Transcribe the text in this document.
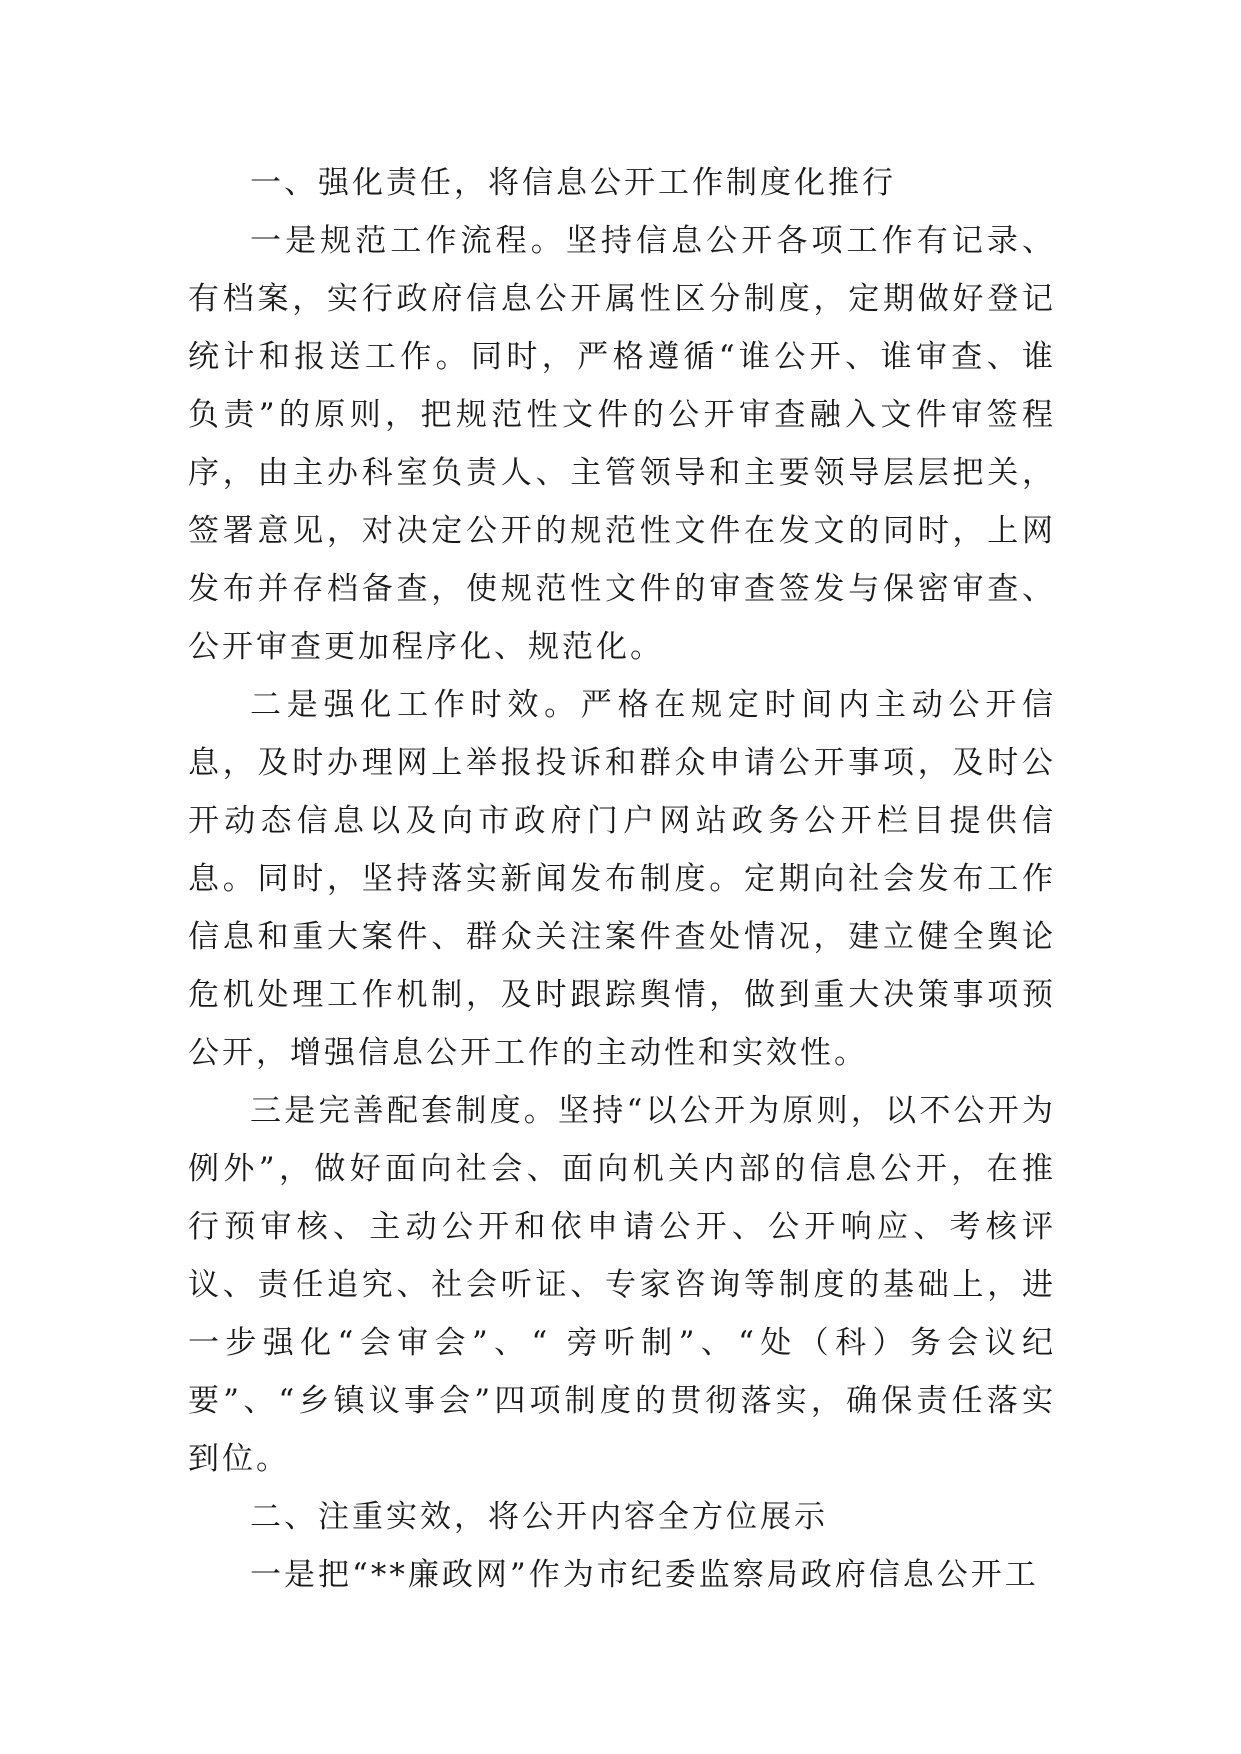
一、强化责任，将信息公开工作制度化推行

一是规范工作流程。坚持信息公开各项工作有记录、有档案，实行政府信息公开属性区分制度，定期做好登记统计和报送工作。同时，严格遵循“谁公开、谁审查、谁负责”的原则，把规范性文件的公开审查融入文件审签程序，由主办科室负责人、主管领导和主要领导层层把关，签署意见，对决定公开的规范性文件在发文的同时，上网发布并存档备查，使规范性文件的审查签发与保密审查、公开审查更加程序化、规范化。

二是强化工作时效。严格在规定时间内主动公开信息，及时办理网上举报投诉和群众申请公开事项，及时公开动态信息以及向市政府门户网站政务公开栏目提供信息。同时，坚持落实新闻发布制度。定期向社会发布工作信息和重大案件、群众关注案件查处情况，建立健全舆论危机处理工作机制，及时跟踪舆情，做到重大决策事项预公开，增强信息公开工作的主动性和实效性。

三是完善配套制度。坚持“以公开为原则，以不公开为例外”，做好面向社会、面向机关内部的信息公开，在推行预审核、主动公开和依申请公开、公开响应、考核评议、责任追究、社会听证、专家咨询等制度的基础上，进一步强化“会审会”、“ 旁听制”、“处（科）务会议纪要”、“乡镇议事会”四项制度的贯彻落实，确保责任落实到位。

二、注重实效，将公开内容全方位展示

一是把“**廉政网”作为市纪委监察局政府信息公开工
